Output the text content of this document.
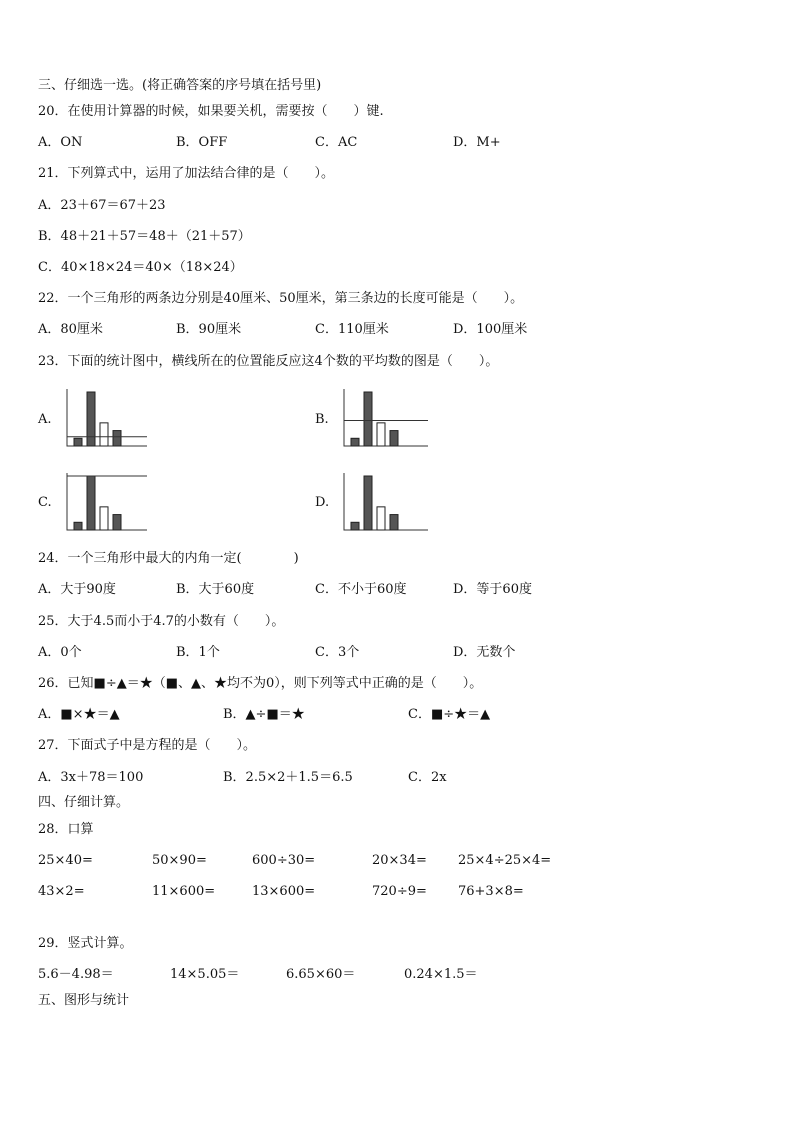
三、仔细选一选。(将正确答案的序号填在括号里)
20．在使用计算器的时候，如果要关机，需要按（　　）键.
A．ON	B．OFF	C．AC	D．M+
21．下列算式中，运用了加法结合律的是（　　）。
A．23＋67＝67＋23
B．48＋21＋57＝48＋（21＋57）
C．40×18×24＝40×（18×24）
22．一个三角形的两条边分别是40厘米、50厘米，第三条边的长度可能是（　　）。
A．80厘米	B．90厘米	C．110厘米	D．100厘米
23．下面的统计图中，横线所在的位置能反应这4个数的平均数的图是（　　）。
A.	B.
C.	D.
24．一个三角形中最大的内角一定(　　　　)
A．大于90度	B．大于60度	C．不小于60度	D．等于60度
25．大于4.5而小于4.7的小数有（　　）。
A．0个	B．1个	C．3个	D．无数个
26．已知■÷▲＝★（■、▲、★均不为0），则下列等式中正确的是（　　）。
A．■×★＝▲	B．▲÷■＝★	C．■÷★＝▲
27．下面式子中是方程的是（　　）。
A．3x＋78＝100	B．2.5×2＋1.5＝6.5	C．2x
四、仔细计算。
28．口算
25×40=	50×90=	600÷30=	20×34= 25×4÷25×4=
43×2=	11×600=	13×600=	720÷9= 76+3×8=
29．竖式计算。
5.6－4.98＝	14×5.05＝	6.65×60＝	0.24×1.5＝
五、图形与统计
